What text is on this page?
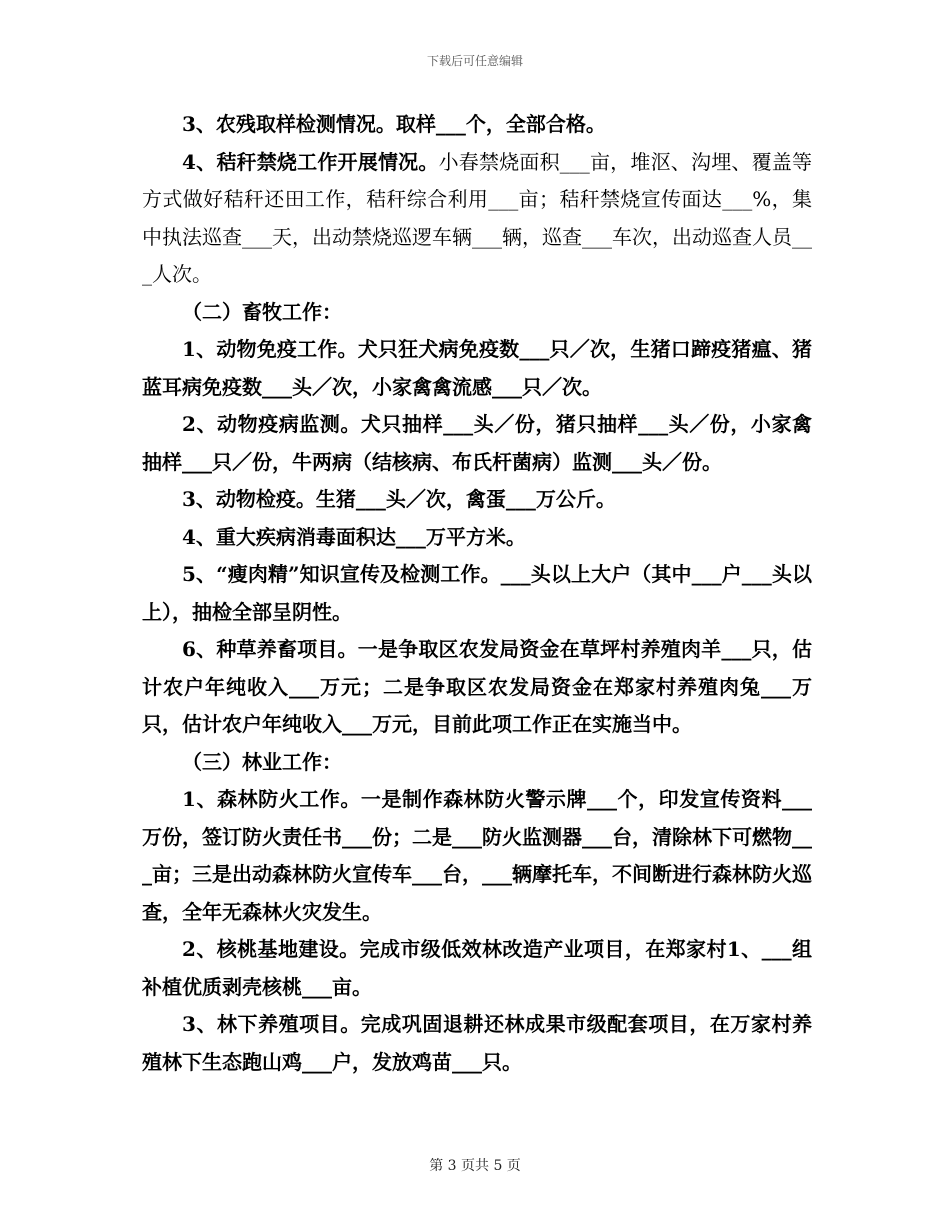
下载后可任意编辑

3、农残取样检测情况。取样___个，全部合格。

4、秸秆禁烧工作开展情况。小春禁烧面积___亩，堆沤、沟埋、覆盖等方式做好秸秆还田工作，秸秆综合利用___亩；秸秆禁烧宣传面达___%，集中执法巡查___天，出动禁烧巡逻车辆___辆，巡查___车次，出动巡查人员___人次。

（二）畜牧工作：

1、动物免疫工作。犬只狂犬病免疫数___只／次，生猪口蹄疫猪瘟、猪蓝耳病免疫数___头／次，小家禽禽流感___只／次。

2、动物疫病监测。犬只抽样___头／份，猪只抽样___头／份，小家禽抽样___只／份，牛两病（结核病、布氏杆菌病）监测___头／份。

3、动物检疫。生猪___头／次，禽蛋___万公斤。

4、重大疾病消毒面积达___万平方米。

5、“瘦肉精”知识宣传及检测工作。___头以上大户（其中___户___头以上），抽检全部呈阴性。

6、种草养畜项目。一是争取区农发局资金在草坪村养殖肉羊___只，估计农户年纯收入___万元；二是争取区农发局资金在郑家村养殖肉兔___万只，估计农户年纯收入___万元，目前此项工作正在实施当中。

（三）林业工作：

1、森林防火工作。一是制作森林防火警示牌___个，印发宣传资料___万份，签订防火责任书___份；二是___防火监测器___台，清除林下可燃物___亩；三是出动森林防火宣传车___台，___辆摩托车，不间断进行森林防火巡查，全年无森林火灾发生。

2、核桃基地建设。完成市级低效林改造产业项目，在郑家村1、___组补植优质剥壳核桃___亩。

3、林下养殖项目。完成巩固退耕还林成果市级配套项目，在万家村养殖林下生态跑山鸡___户，发放鸡苗___只。

第 3 页共 5 页
